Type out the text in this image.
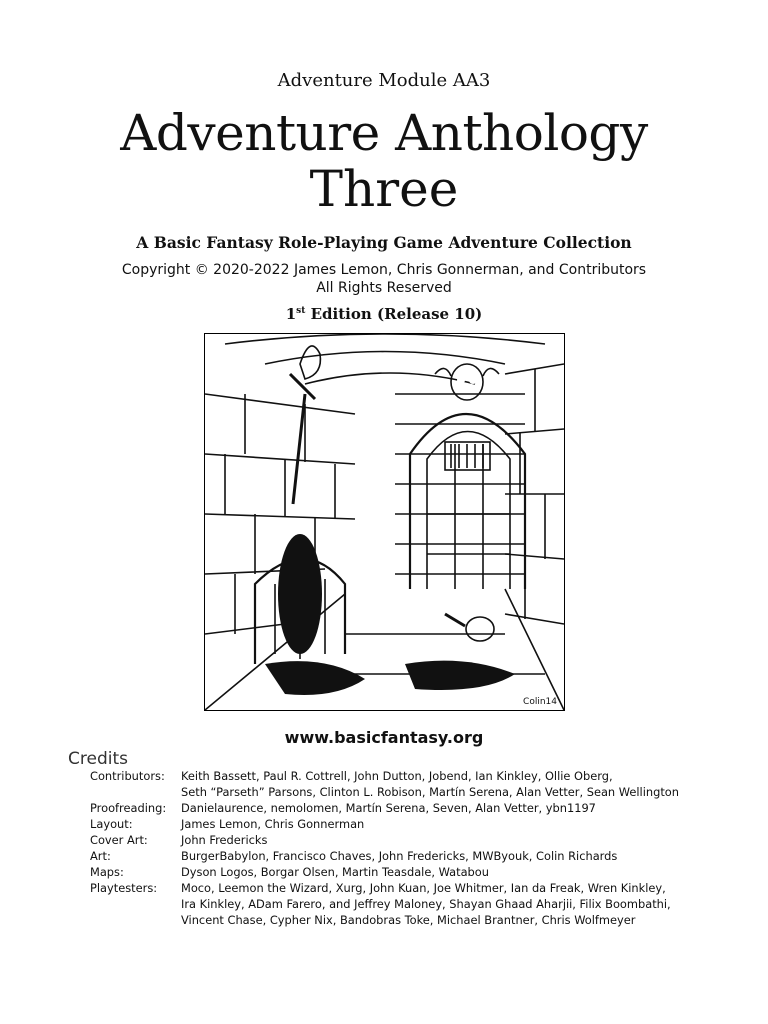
Adventure Module AA3
Adventure Anthology
Three
A Basic Fantasy Role-Playing Game Adventure Collection
Copyright © 2020-2022 James Lemon, Chris Gonnerman, and Contributors
All Rights Reserved
1st Edition (Release 10)
Colin14
www.basicfantasy.org
Credits
Contributors: Keith Bassett, Paul R. Cottrell, John Dutton, Jobend, Ian Kinkley, Ollie Oberg,
Seth “Parseth” Parsons, Clinton L. Robison, Martín Serena, Alan Vetter, Sean Wellington
Proofreading: Danielaurence, nemolomen, Martín Serena, Seven, Alan Vetter, ybn1197
Layout:	James Lemon, Chris Gonnerman
Cover Art:	John Fredericks
Art:	BurgerBabylon, Francisco Chaves, John Fredericks, MWByouk, Colin Richards
Maps:	Dyson Logos, Borgar Olsen, Martin Teasdale, Watabou
Playtesters: Moco, Leemon the Wizard, Xurg, John Kuan, Joe Whitmer, Ian da Freak, Wren Kinkley,
Ira Kinkley, ADam Farero, and Jeffrey Maloney, Shayan Ghaad Aharjii, Filix Boombathi,
Vincent Chase, Cypher Nix, Bandobras Toke, Michael Brantner, Chris Wolfmeyer
